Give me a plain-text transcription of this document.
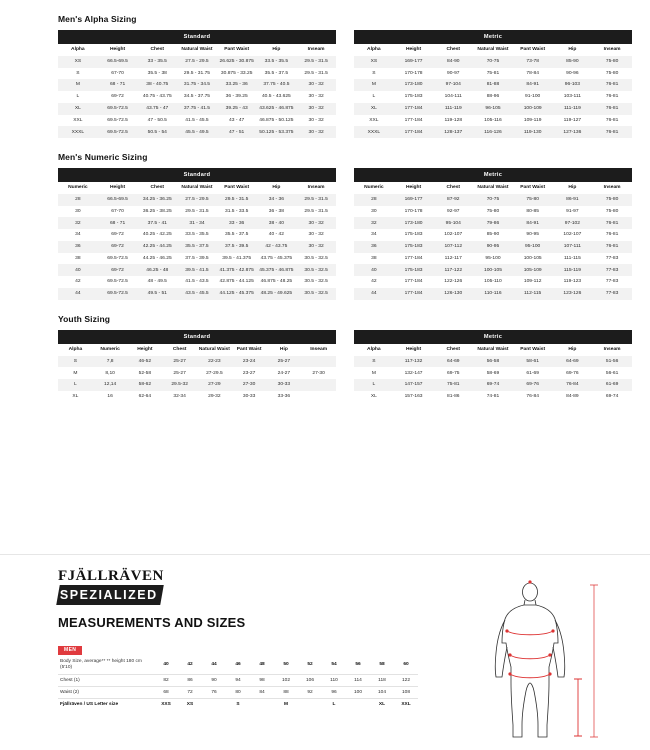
Men's Alpha Sizing
Standard						
Alpha	Height	Chest	Natural Waist	Pant Waist	Hip	Inseam
XS	66.5-69.5	33 - 35.5	27.5 - 29.5	26.625 - 30.875	33.5 - 35.5	29.5 - 31.5
S	67-70	35.5 - 38	29.5 - 31.75	30.875 - 33.25	35.5 - 37.5	29.5 - 31.5
M	68 - 71	38 - 40.75	31.75 - 34.5	33.25 - 36	37.75 - 40.5	30 - 32
L	69-72	40.75 - 43.75	34.5 - 37.75	36 - 39.25	40.5 - 43.625	30 - 32
XL	69.5-72.5	43.75 - 47	37.75 - 41.5	39.25 - 43	43.625 - 46.875	30 - 32
XXL	69.5-72.5	47 - 50.5	41.5 - 45.5	43 - 47	46.875 - 50.125	30 - 32
XXXL	69.5-72.5	50.5 - 54	45.5 - 49.5	47 - 51	50.125 - 53.375	30 - 32
Metric						
Alpha	Height	Chest	Natural Waist	Pant Waist	Hip	Inseam
XS	169-177	84-90	70-75	73-78	85-90	75-80
S	170-178	90-97	75-81	78-84	90-96	75-80
M	173-180	97-104	81-88	84-91	96-103	76-81
L	175-183	104-111	88-96	91-100	103-111	76-81
XL	177-184	111-119	96-105	100-109	111-119	76-81
XXL	177-184	119-128	105-116	109-119	119-127	76-81
XXXL	177-184	128-137	116-126	119-130	127-136	76-81
Men's Numeric Sizing
Standard						
Numeric	Height	Chest	Natural Waist	Pant Waist	Hip	Inseam
28	66.5-69.5	34.25 - 36.25	27.5 - 29.5	29.5 - 31.5	34 - 36	29.5 - 31.5
30	67-70	36.25 - 38.25	29.5 - 31.5	31.5 - 33.5	36 - 38	29.5 - 31.5
32	68 - 71	37.5 - 41	31 - 34	33 - 36	38 - 40	30 - 32
34	69-72	40.25 - 42.25	33.5 - 35.5	35.5 - 37.5	40 - 42	30 - 32
36	69-72	42.25 - 44.25	35.5 - 37.5	37.5 - 39.5	42 - 43.75	30 - 32
38	69.5-72.5	44.25 - 46.25	37.5 - 39.5	39.5 - 41.375	43.75 - 45.375	30.5 - 32.5
40	69-72	46.25 - 48	39.5 - 41.5	41.375 - 42.875	45.375 - 46.875	30.5 - 32.5
42	69.5-72.5	48 - 49.5	41.5 - 43.5	42.875 - 44.125	46.875 - 48.25	30.5 - 32.5
44	69.5-72.5	49.5 - 51	43.5 - 45.5	44.125 - 45.375	48.25 - 49.625	30.5 - 32.5
Metric						
Numeric	Height	Chest	Natural Waist	Pant Waist	Hip	Inseam
28	169-177	87-92	70-75	75-80	86-91	75-80
30	170-178	92-97	75-80	80-85	91-97	75-80
32	173-180	95-104	79-86	84-91	97-102	76-81
34	175-183	102-107	85-90	90-95	102-107	76-81
36	175-183	107-112	90-95	95-100	107-111	76-81
38	177-184	112-117	95-100	100-105	111-115	77-83
40	175-183	117-122	100-105	105-109	115-119	77-83
42	177-184	122-126	105-110	109-112	119-123	77-83
44	177-184	126-130	110-116	112-115	123-126	77-83
Youth Sizing
Standard							
Alpha	Numeric	Height	Chest	Natural Waist	Pant Waist	Hip	Inseam
S	7,8	46-52	25-27	22-23	23-24	25-27	
M	8,10	52-58	25-27	27-29.5	23-27	24-27	27-30
L	12,14	58-62	29.5-32	27-29	27-30	30-33	
XL	16	62-64	32-34	29-32	30-33	33-36	
Metric						
Alpha	Height	Chest	Natural Waist	Pant Waist	Hip	Inseam
S	117-132	64-69	56-58	58-61	64-69	51-56
M	132-147	69-75	58-69	61-69	69-76	56-61
L	147-157	75-81	69-74	69-76	76-84	61-69
XL	157-163	81-86	74-81	76-84	84-89	69-74
FJÄLLRÄVEN
SPEZIALIZED
MEASUREMENTS AND SIZES
MEN
Body Size, average** ** height 180 cm (5'10)	40	42	44	46	48	50	52	54	56	58	60
Chest (1)	82	86	90	94	98	102	106	110	114	118	122
Waist (2)	68	72	76	80	84	88	92	96	100	104	108
Fjällräven / US Letter size	XXS	XS		S		M		L		XL	XXL
